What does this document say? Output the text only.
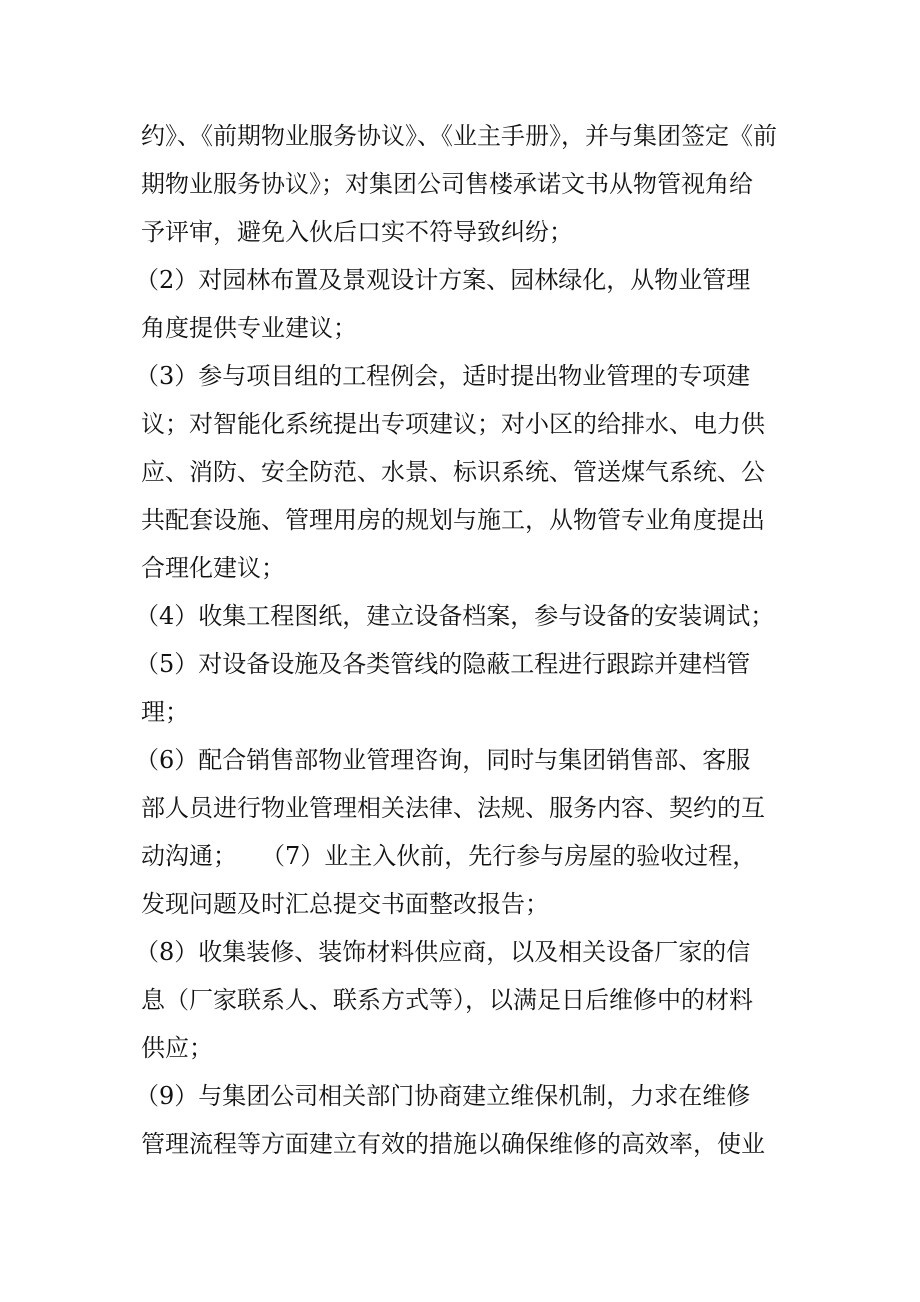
约》、《前期物业服务协议》、《业主手册》，并与集团签定《前
期物业服务协议》；对集团公司售楼承诺文书从物管视角给
予评审，避免入伙后口实不符导致纠纷；
（2）对园林布置及景观设计方案、园林绿化，从物业管理
角度提供专业建议；
（3）参与项目组的工程例会，适时提出物业管理的专项建
议；对智能化系统提出专项建议；对小区的给排水、电力供
应、消防、安全防范、水景、标识系统、管送煤气系统、公
共配套设施、管理用房的规划与施工，从物管专业角度提出
合理化建议；
（4）收集工程图纸，建立设备档案，参与设备的安装调试；
（5）对设备设施及各类管线的隐蔽工程进行跟踪并建档管
理；
（6）配合销售部物业管理咨询，同时与集团销售部、客服
部人员进行物业管理相关法律、法规、服务内容、契约的互
动沟通；　　（7）业主入伙前，先行参与房屋的验收过程，
发现问题及时汇总提交书面整改报告；
（8）收集装修、装饰材料供应商，以及相关设备厂家的信
息（厂家联系人、联系方式等），以满足日后维修中的材料
供应；
（9）与集团公司相关部门协商建立维保机制，力求在维修
管理流程等方面建立有效的措施以确保维修的高效率，使业
